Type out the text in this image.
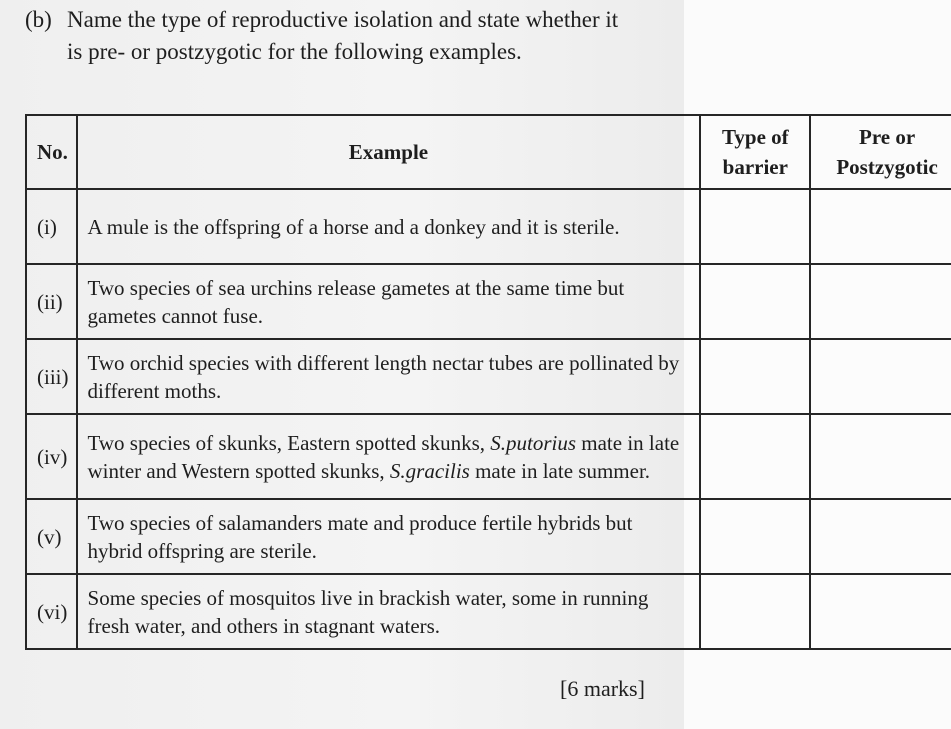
(b) Name the type of reproductive isolation and state whether it is pre- or postzygotic for the following examples.
No.	Example	Type of barrier	Pre or Postzygotic
(i)	A mule is the offspring of a horse and a donkey and it is sterile.		
(ii)	Two species of sea urchins release gametes at the same time but gametes cannot fuse.		
(iii)	Two orchid species with different length nectar tubes are pollinated by different moths.		
(iv)	Two species of skunks, Eastern spotted skunks, S.putorius mate in late winter and Western spotted skunks, S.gracilis mate in late summer.		
(v)	Two species of salamanders mate and produce fertile hybrids but hybrid offspring are sterile.		
(vi)	Some species of mosquitos live in brackish water, some in running fresh water, and others in stagnant waters.		
[6 marks]
